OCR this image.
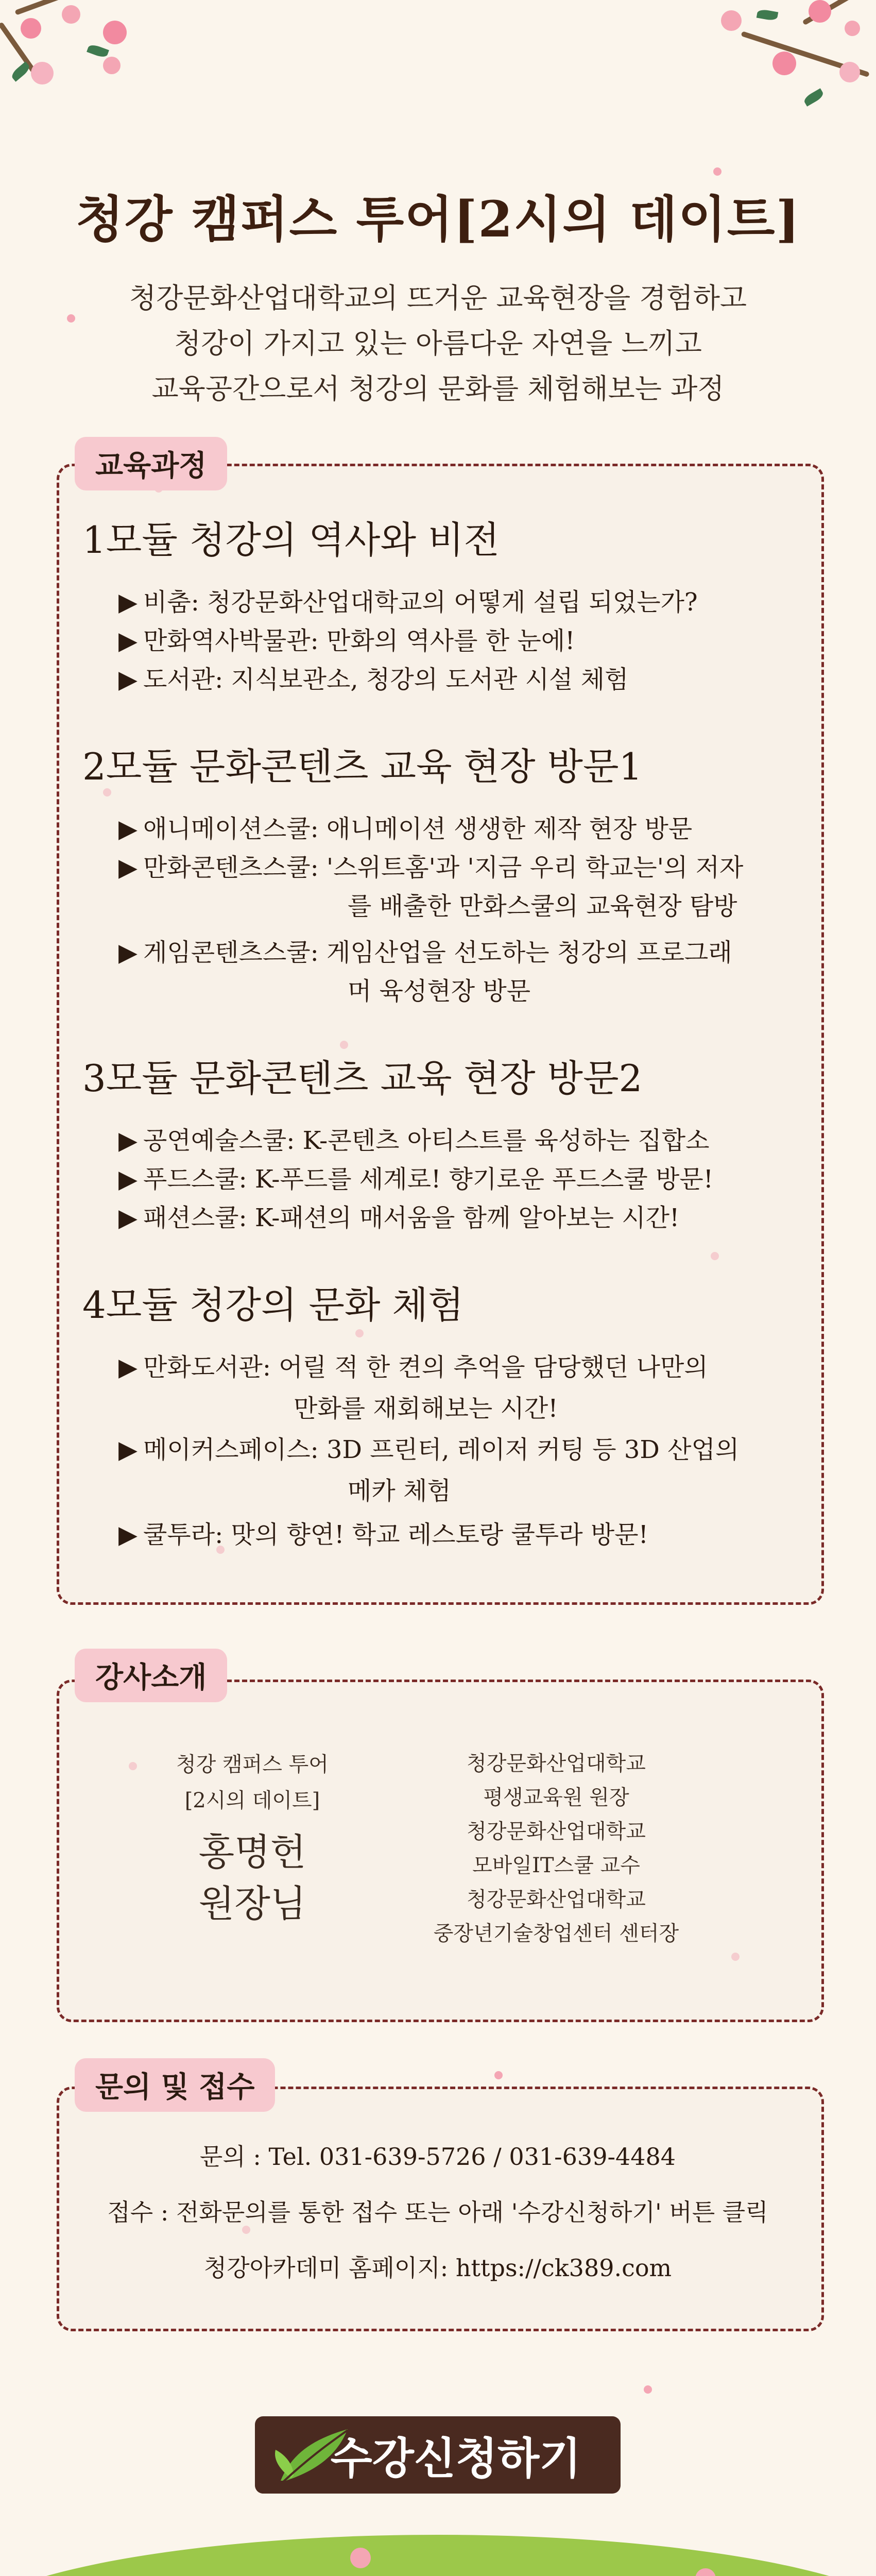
청강 캠퍼스 투어[2시의 데이트]
청강문화산업대학교의 뜨거운 교육현장을 경험하고
청강이 가지고 있는 아름다운 자연을 느끼고
교육공간으로서 청강의 문화를 체험해보는 과정
교육과정
1모듈 청강의 역사와 비전
▶ 비춤: 청강문화산업대학교의 어떻게 설립 되었는가?
▶ 만화역사박물관: 만화의 역사를 한 눈에!
▶ 도서관: 지식보관소, 청강의 도서관 시설 체험
2모듈 문화콘텐츠 교육 현장 방문1
▶ 애니메이션스쿨: 애니메이션 생생한 제작 현장 방문
▶ 만화콘텐츠스쿨: '스위트홈'과 '지금 우리 학교는'의 저자
를 배출한 만화스쿨의 교육현장 탐방
▶ 게임콘텐츠스쿨: 게임산업을 선도하는 청강의 프로그래
머 육성현장 방문
3모듈 문화콘텐츠 교육 현장 방문2
▶ 공연예술스쿨: K-콘텐츠 아티스트를 육성하는 집합소
▶ 푸드스쿨: K-푸드를 세계로! 향기로운 푸드스쿨 방문!
▶ 패션스쿨: K-패션의 매서움을 함께 알아보는 시간!
4모듈 청강의 문화 체험
▶ 만화도서관: 어릴 적 한 켠의 추억을 담당했던 나만의
만화를 재회해보는 시간!
▶ 메이커스페이스: 3D 프린터, 레이저 커팅 등 3D 산업의
메카 체험
▶ 쿨투라: 맛의 향연! 학교 레스토랑 쿨투라 방문!
강사소개
청강 캠퍼스 투어
[2시의 데이트]
홍명헌
원장님
청강문화산업대학교
평생교육원 원장
청강문화산업대학교
모바일IT스쿨 교수
청강문화산업대학교
중장년기술창업센터 센터장
문의 및 접수
문의 : Tel. 031-639-5726 / 031-639-4484
접수 : 전화문의를 통한 접수 또는 아래 '수강신청하기' 버튼 클릭
청강아카데미 홈페이지: https://ck389.com
수강신청하기
